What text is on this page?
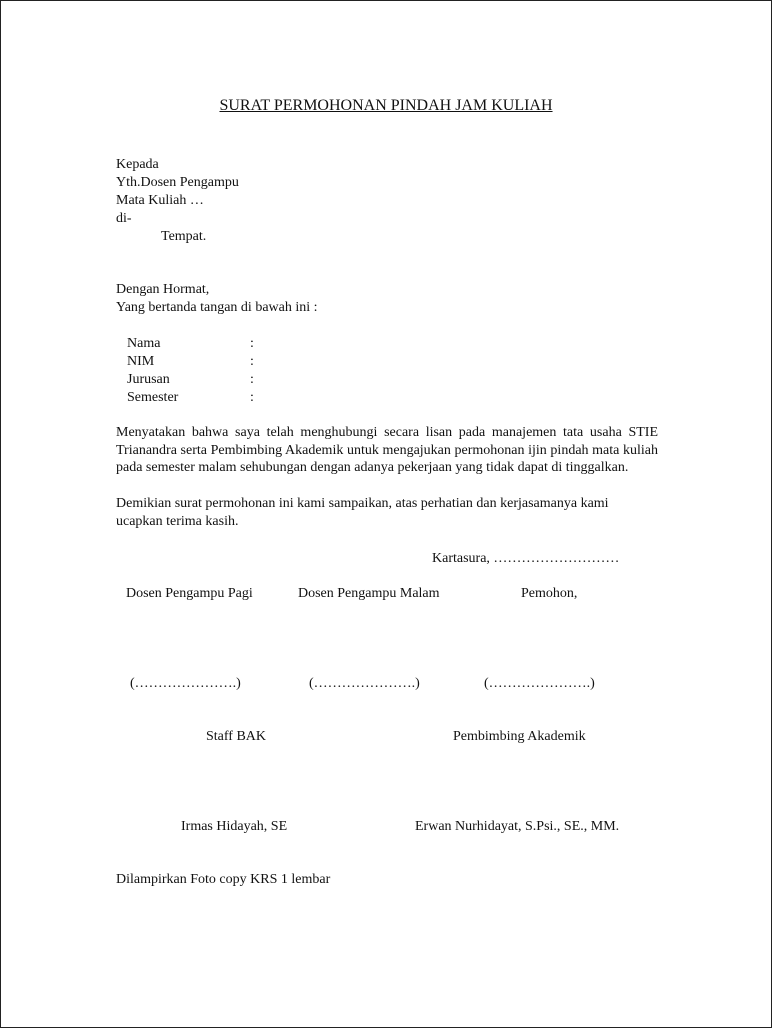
SURAT PERMOHONAN PINDAH JAM KULIAH
Kepada
Yth.Dosen Pengampu
Mata Kuliah …
di-
Tempat.
Dengan Hormat,
Yang bertanda tangan di bawah ini :
Nama	:
NIM	:
Jurusan	:
Semester	:
Menyatakan bahwa saya telah menghubungi secara lisan pada manajemen tata usaha STIE Trianandra serta Pembimbing Akademik untuk mengajukan permohonan ijin pindah mata kuliah pada semester malam sehubungan dengan adanya pekerjaan yang tidak dapat di tinggalkan.
Demikian surat permohonan ini kami sampaikan, atas perhatian dan kerjasamanya kami ucapkan terima kasih.
Kartasura, ………………………
Dosen Pengampu Pagi	Dosen Pengampu Malam	Pemohon,
(………………….)	(………………….)	(………………….)
Staff BAK	Pembimbing Akademik
Irmas Hidayah, SE	Erwan Nurhidayat, S.Psi., SE., MM.
Dilampirkan Foto copy KRS 1 lembar
